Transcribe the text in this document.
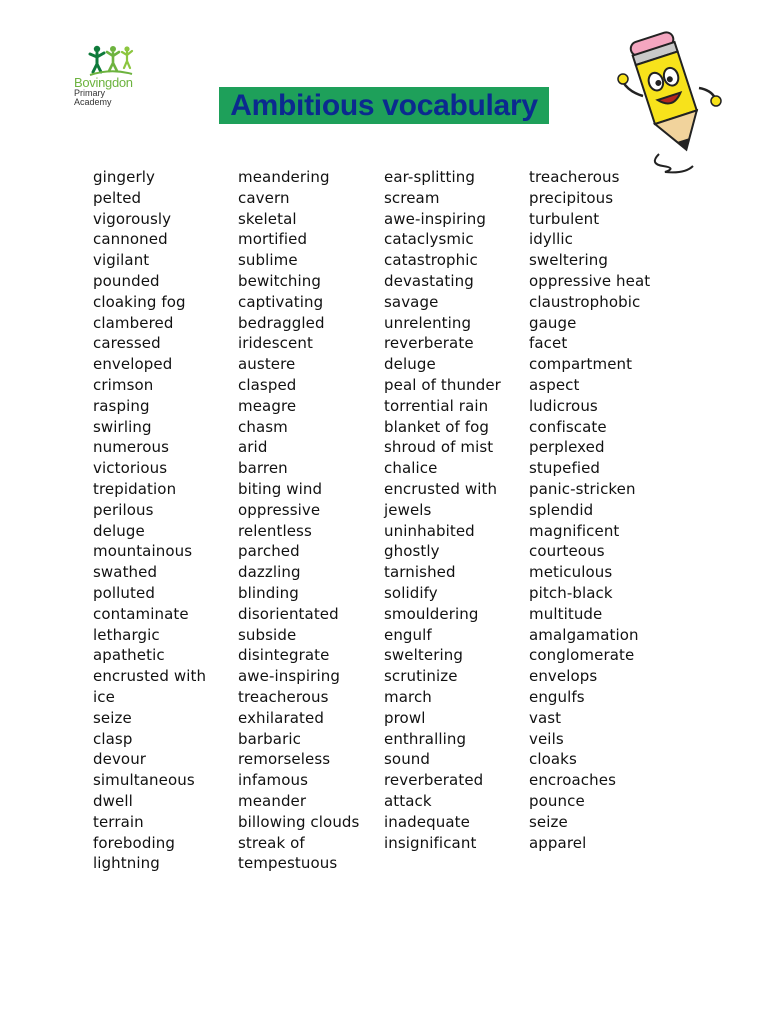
Bovingdon
Primary
Academy	Ambitious vocabulary
gingerly
pelted
vigorously
cannoned
vigilant
pounded
cloaking fog
clambered
caressed
enveloped
crimson
rasping
swirling
numerous
victorious
trepidation
perilous
deluge
mountainous
swathed
polluted
contaminate
lethargic
apathetic
encrusted with
ice
seize
clasp
devour
simultaneous
dwell
terrain
foreboding
lightning
meandering
cavern
skeletal
mortified
sublime
bewitching
captivating
bedraggled
iridescent
austere
clasped
meagre
chasm
arid
barren
biting wind
oppressive
relentless
parched
dazzling
blinding
disorientated
subside
disintegrate
awe-inspiring
treacherous
exhilarated
barbaric
remorseless
infamous
meander
billowing clouds
streak of
tempestuous
ear-splitting
scream
awe-inspiring
cataclysmic
catastrophic
devastating
savage
unrelenting
reverberate
deluge
peal of thunder
torrential rain
blanket of fog
shroud of mist
chalice
encrusted with
jewels
uninhabited
ghostly
tarnished
solidify
smouldering
engulf
sweltering
scrutinize
march
prowl
enthralling
sound
reverberated
attack
inadequate
insignificant
treacherous
precipitous
turbulent
idyllic
sweltering
oppressive heat
claustrophobic
gauge
facet
compartment
aspect
ludicrous
confiscate
perplexed
stupefied
panic-stricken
splendid
magnificent
courteous
meticulous
pitch-black
multitude
amalgamation
conglomerate
envelops
engulfs
vast
veils
cloaks
encroaches
pounce
seize
apparel
